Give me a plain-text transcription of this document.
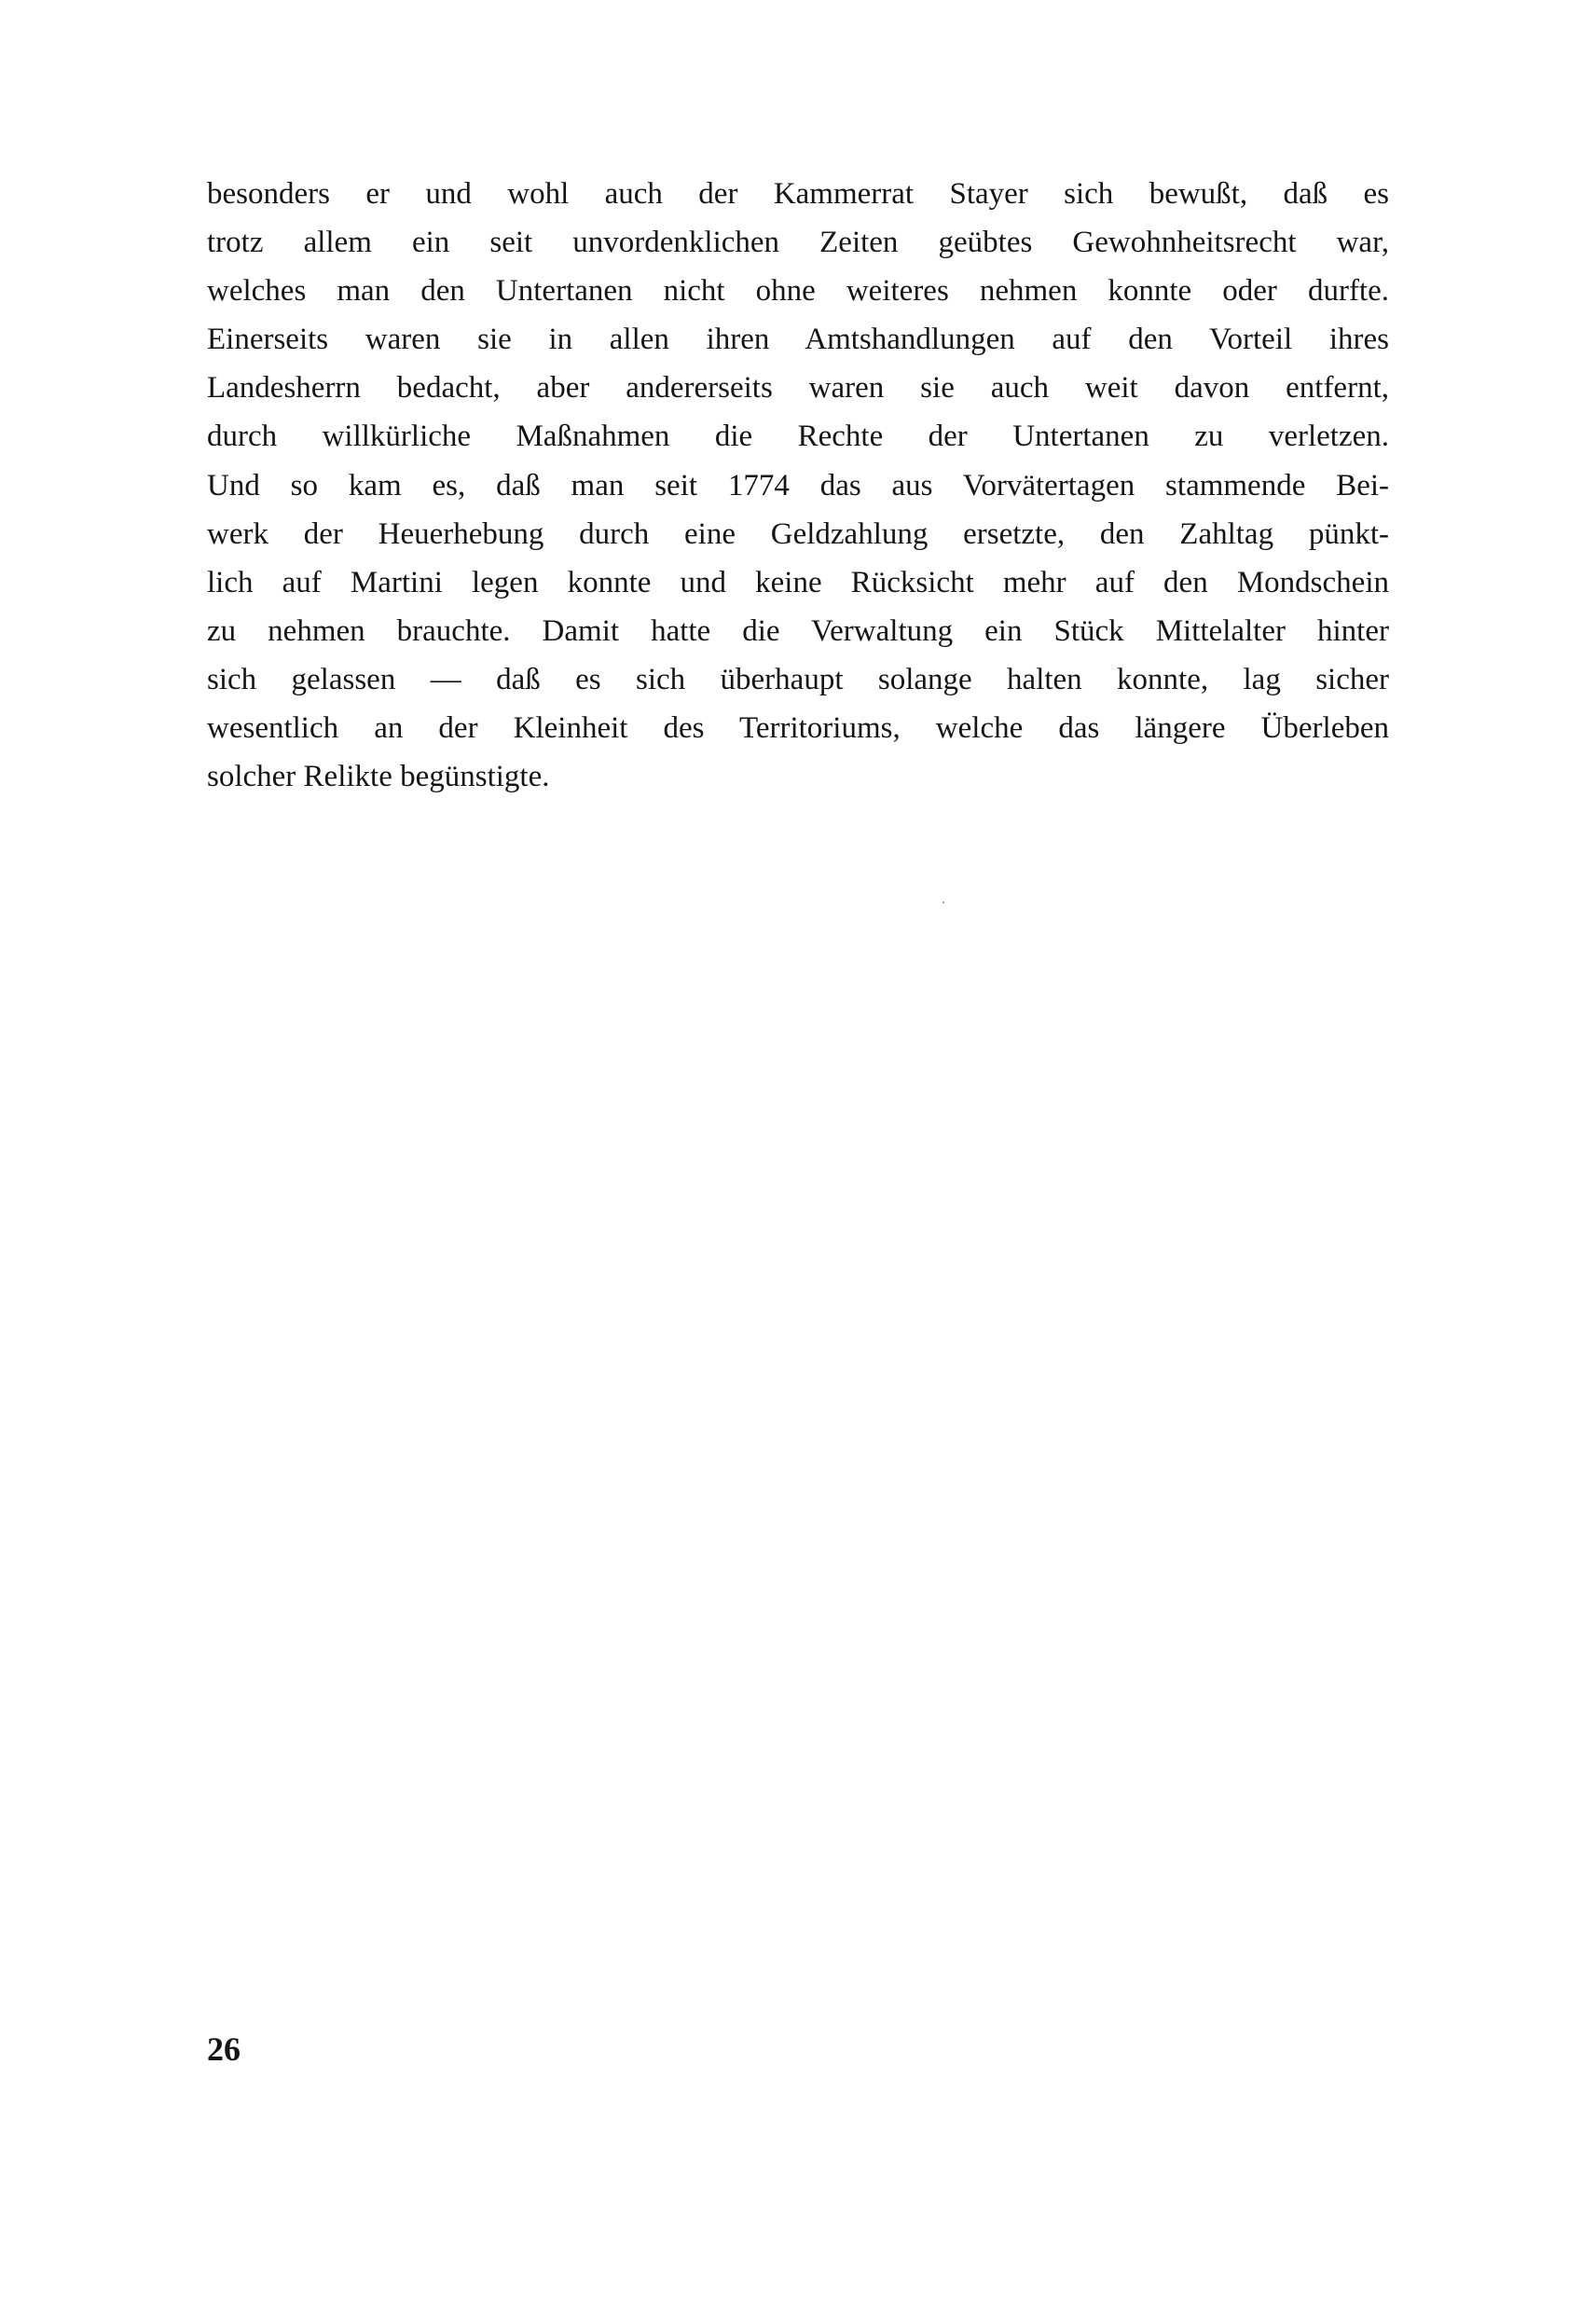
besonders er und wohl auch der Kammerrat Stayer sich bewußt, daß es
trotz allem ein seit unvordenklichen Zeiten geübtes Gewohnheitsrecht war,
welches man den Untertanen nicht ohne weiteres nehmen konnte oder durfte.
Einerseits waren sie in allen ihren Amtshandlungen auf den Vorteil ihres
Landesherrn bedacht, aber andererseits waren sie auch weit davon entfernt,
durch willkürliche Maßnahmen die Rechte der Untertanen zu verletzen.
Und so kam es, daß man seit 1774 das aus Vorvätertagen stammende Bei-
werk der Heuerhebung durch eine Geldzahlung ersetzte, den Zahltag pünkt-
lich auf Martini legen konnte und keine Rücksicht mehr auf den Mondschein
zu nehmen brauchte. Damit hatte die Verwaltung ein Stück Mittelalter hinter
sich gelassen — daß es sich überhaupt solange halten konnte, lag sicher
wesentlich an der Kleinheit des Territoriums, welche das längere Überleben
solcher Relikte begünstigte.
26
